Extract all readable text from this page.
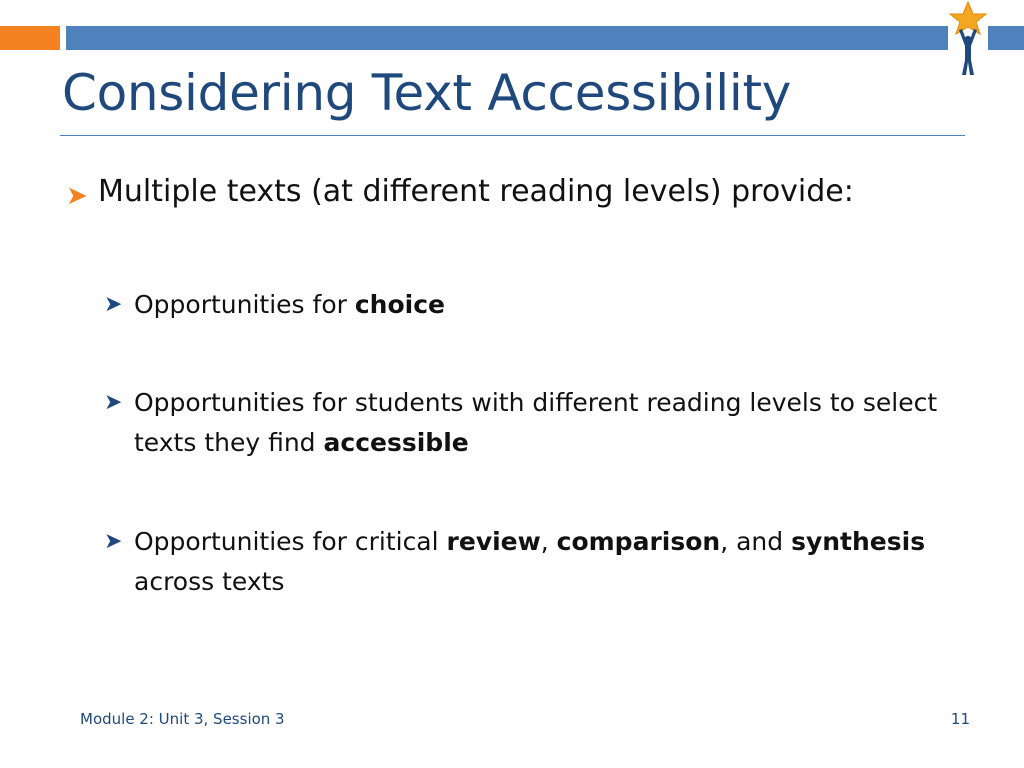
Considering Text Accessibility
➤ Multiple texts (at different reading levels) provide:
➤ Opportunities for choice
➤ Opportunities for students with different reading levels to select texts they find accessible
➤ Opportunities for critical review, comparison, and synthesis across texts
Module 2: Unit 3, Session 3	11
